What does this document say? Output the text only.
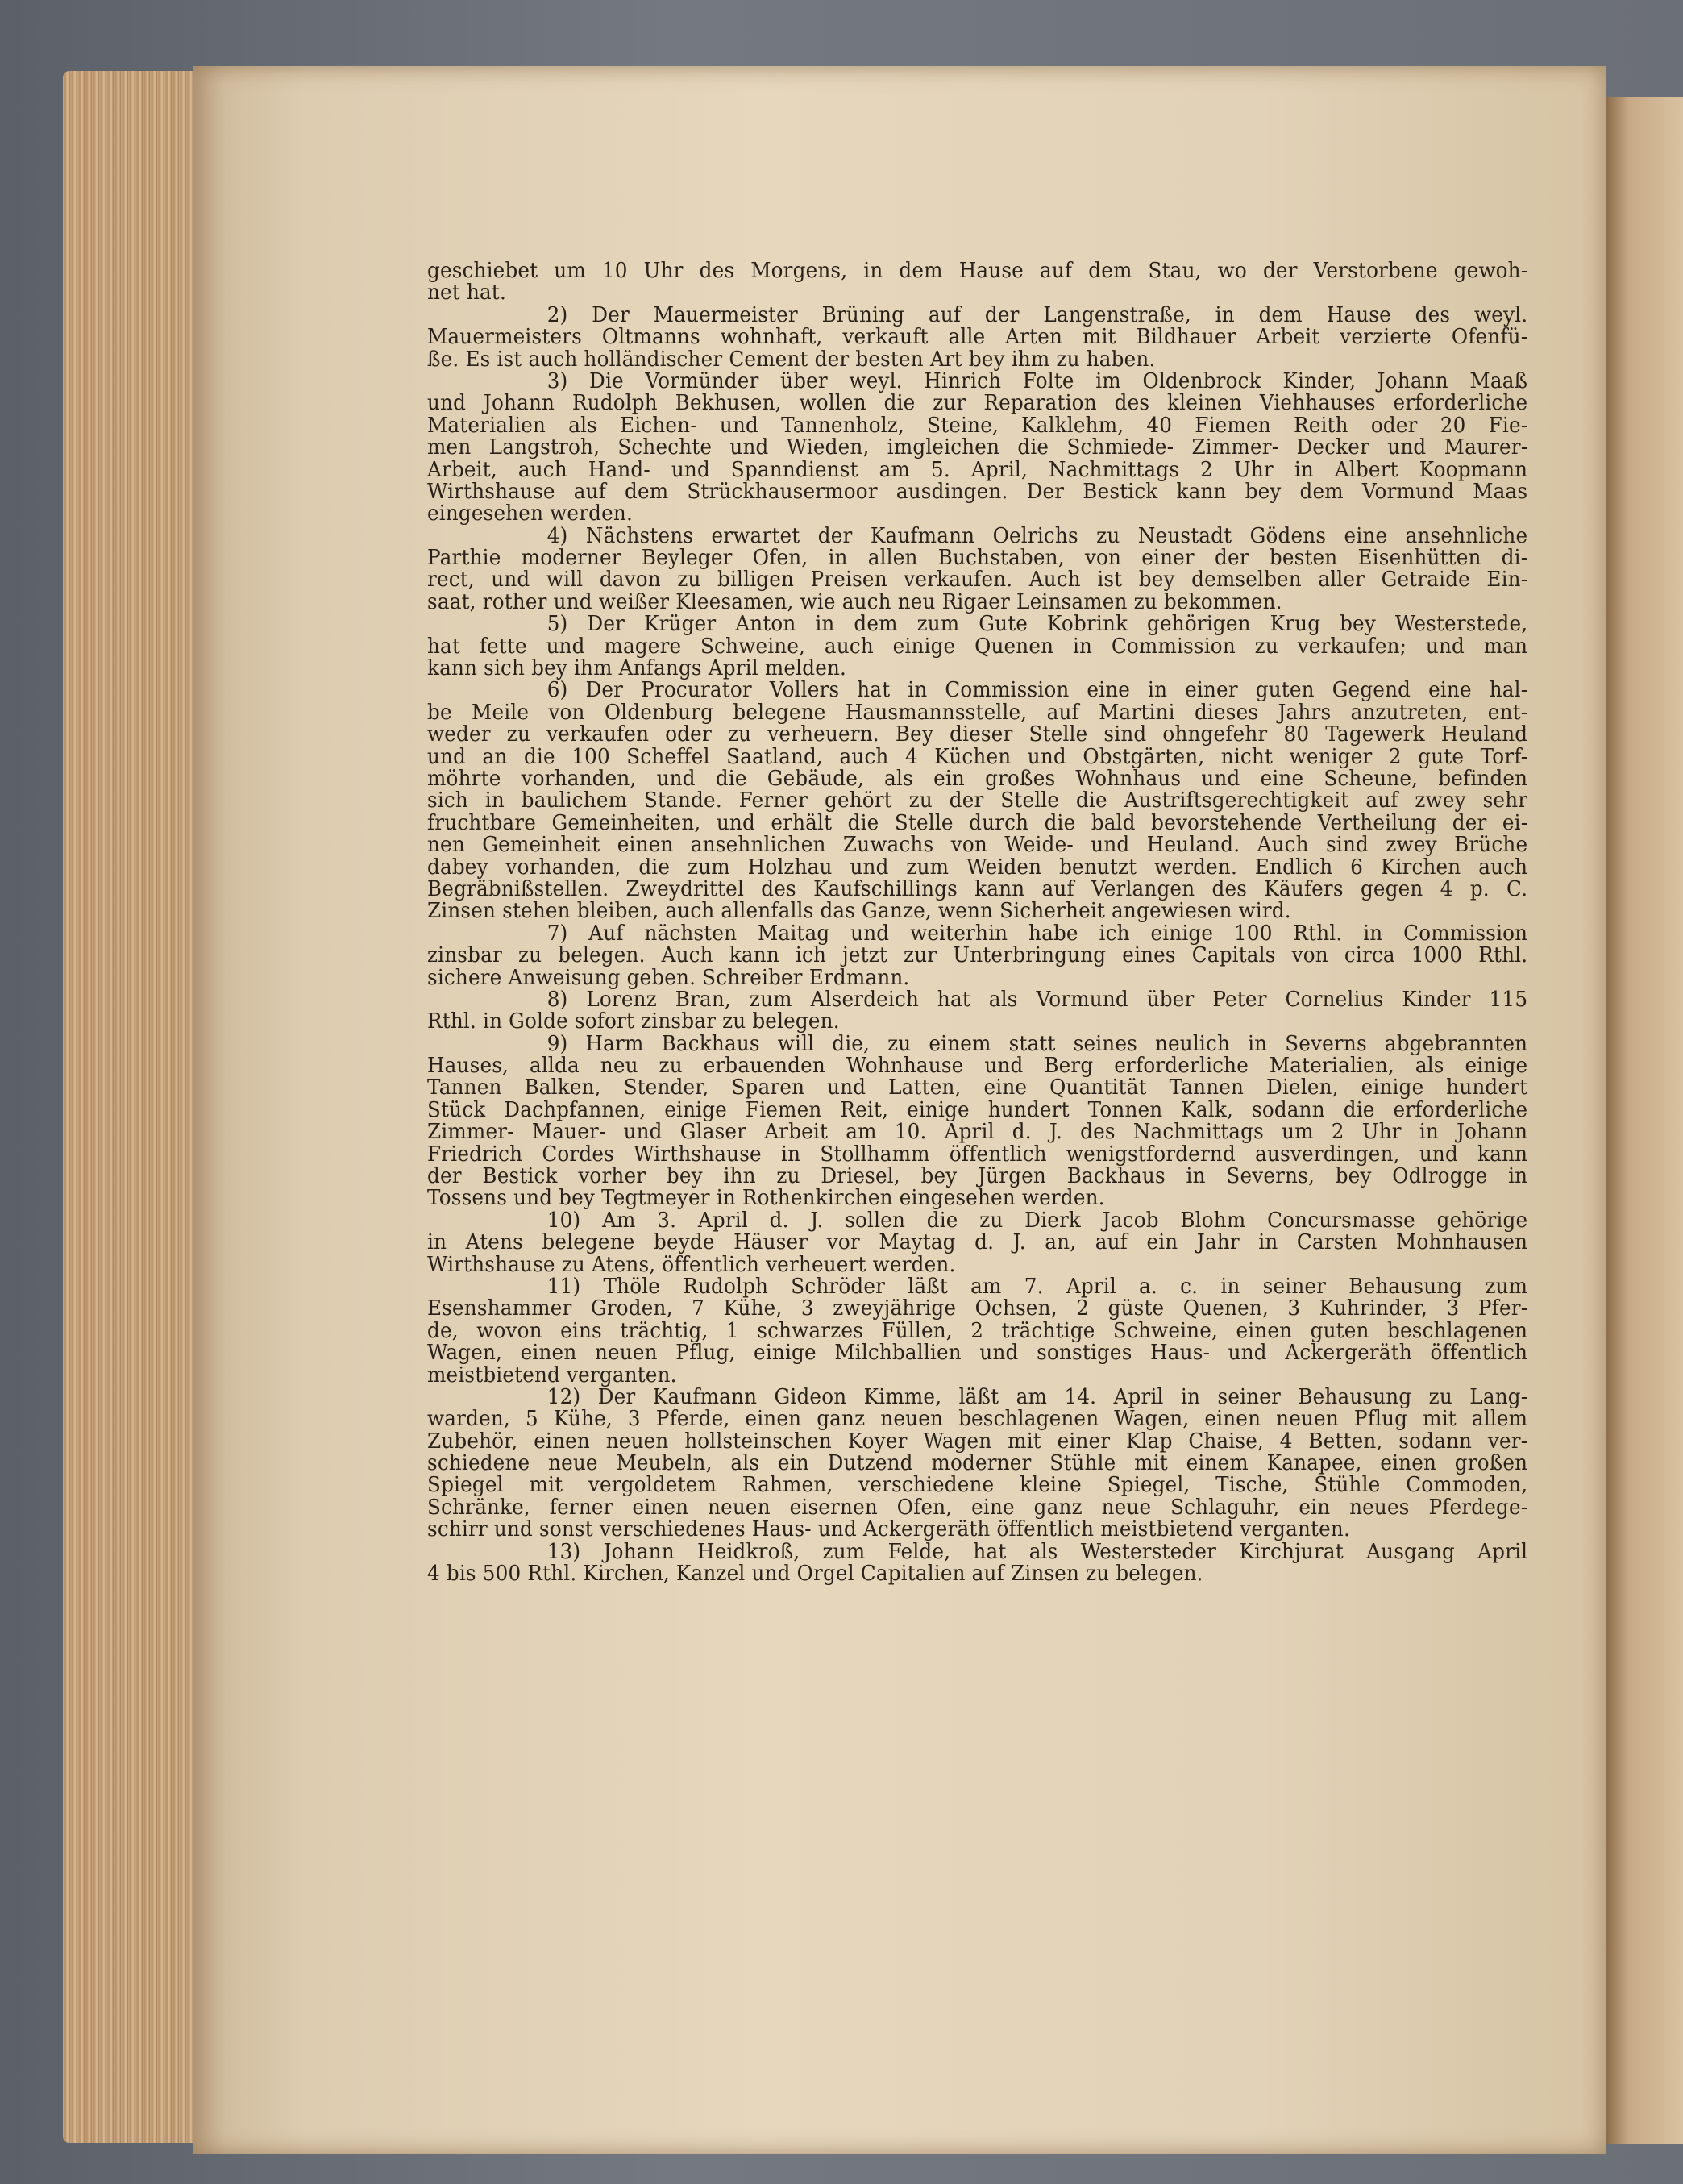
geschiebet um 10 Uhr des Morgens, in dem Hause auf dem Stau, wo der Verstorbene gewoh-
net hat.
2) Der Mauermeister Brüning auf der Langenstraße, in dem Hause des weyl.
Mauermeisters Oltmanns wohnhaft, verkauft alle Arten mit Bildhauer Arbeit verzierte Ofenfü-
ße. Es ist auch holländischer Cement der besten Art bey ihm zu haben.
3) Die Vormünder über weyl. Hinrich Folte im Oldenbrock Kinder, Johann Maaß
und Johann Rudolph Bekhusen, wollen die zur Reparation des kleinen Viehhauses erforderliche
Materialien als Eichen- und Tannenholz, Steine, Kalklehm, 40 Fiemen Reith oder 20 Fie-
men Langstroh, Schechte und Wieden, imgleichen die Schmiede- Zimmer- Decker und Maurer-
Arbeit, auch Hand- und Spanndienst am 5. April, Nachmittags 2 Uhr in Albert Koopmann
Wirthshause auf dem Strückhausermoor ausdingen. Der Bestick kann bey dem Vormund Maas
eingesehen werden.
4) Nächstens erwartet der Kaufmann Oelrichs zu Neustadt Gödens eine ansehnliche
Parthie moderner Beyleger Ofen, in allen Buchstaben, von einer der besten Eisenhütten di-
rect, und will davon zu billigen Preisen verkaufen. Auch ist bey demselben aller Getraide Ein-
saat, rother und weißer Kleesamen, wie auch neu Rigaer Leinsamen zu bekommen.
5) Der Krüger Anton in dem zum Gute Kobrink gehörigen Krug bey Westerstede,
hat fette und magere Schweine, auch einige Quenen in Commission zu verkaufen; und man
kann sich bey ihm Anfangs April melden.
6) Der Procurator Vollers hat in Commission eine in einer guten Gegend eine hal-
be Meile von Oldenburg belegene Hausmannsstelle, auf Martini dieses Jahrs anzutreten, ent-
weder zu verkaufen oder zu verheuern. Bey dieser Stelle sind ohngefehr 80 Tagewerk Heuland
und an die 100 Scheffel Saatland, auch 4 Küchen und Obstgärten, nicht weniger 2 gute Torf-
möhrte vorhanden, und die Gebäude, als ein großes Wohnhaus und eine Scheune, befinden
sich in baulichem Stande. Ferner gehört zu der Stelle die Austriftsgerechtigkeit auf zwey sehr
fruchtbare Gemeinheiten, und erhält die Stelle durch die bald bevorstehende Vertheilung der ei-
nen Gemeinheit einen ansehnlichen Zuwachs von Weide- und Heuland. Auch sind zwey Brüche
dabey vorhanden, die zum Holzhau und zum Weiden benutzt werden. Endlich 6 Kirchen auch
Begräbnißstellen. Zweydrittel des Kaufschillings kann auf Verlangen des Käufers gegen 4 p. C.
Zinsen stehen bleiben, auch allenfalls das Ganze, wenn Sicherheit angewiesen wird.
7) Auf nächsten Maitag und weiterhin habe ich einige 100 Rthl. in Commission
zinsbar zu belegen. Auch kann ich jetzt zur Unterbringung eines Capitals von circa 1000 Rthl.
sichere Anweisung geben. Schreiber Erdmann.
8) Lorenz Bran, zum Alserdeich hat als Vormund über Peter Cornelius Kinder 115
Rthl. in Golde sofort zinsbar zu belegen.
9) Harm Backhaus will die, zu einem statt seines neulich in Severns abgebrannten
Hauses, allda neu zu erbauenden Wohnhause und Berg erforderliche Materialien, als einige
Tannen Balken, Stender, Sparen und Latten, eine Quantität Tannen Dielen, einige hundert
Stück Dachpfannen, einige Fiemen Reit, einige hundert Tonnen Kalk, sodann die erforderliche
Zimmer- Mauer- und Glaser Arbeit am 10. April d. J. des Nachmittags um 2 Uhr in Johann
Friedrich Cordes Wirthshause in Stollhamm öffentlich wenigstfordernd ausverdingen, und kann
der Bestick vorher bey ihn zu Driesel, bey Jürgen Backhaus in Severns, bey Odlrogge in
Tossens und bey Tegtmeyer in Rothenkirchen eingesehen werden.
10) Am 3. April d. J. sollen die zu Dierk Jacob Blohm Concursmasse gehörige
in Atens belegene beyde Häuser vor Maytag d. J. an, auf ein Jahr in Carsten Mohnhausen
Wirthshause zu Atens, öffentlich verheuert werden.
11) Thöle Rudolph Schröder läßt am 7. April a. c. in seiner Behausung zum
Esenshammer Groden, 7 Kühe, 3 zweyjährige Ochsen, 2 güste Quenen, 3 Kuhrinder, 3 Pfer-
de, wovon eins trächtig, 1 schwarzes Füllen, 2 trächtige Schweine, einen guten beschlagenen
Wagen, einen neuen Pflug, einige Milchballien und sonstiges Haus- und Ackergeräth öffentlich
meistbietend verganten.
12) Der Kaufmann Gideon Kimme, läßt am 14. April in seiner Behausung zu Lang-
warden, 5 Kühe, 3 Pferde, einen ganz neuen beschlagenen Wagen, einen neuen Pflug mit allem
Zubehör, einen neuen hollsteinschen Koyer Wagen mit einer Klap Chaise, 4 Betten, sodann ver-
schiedene neue Meubeln, als ein Dutzend moderner Stühle mit einem Kanapee, einen großen
Spiegel mit vergoldetem Rahmen, verschiedene kleine Spiegel, Tische, Stühle Commoden,
Schränke, ferner einen neuen eisernen Ofen, eine ganz neue Schlaguhr, ein neues Pferdege-
schirr und sonst verschiedenes Haus- und Ackergeräth öffentlich meistbietend verganten.
13) Johann Heidkroß, zum Felde, hat als Westersteder Kirchjurat Ausgang April
4 bis 500 Rthl. Kirchen, Kanzel und Orgel Capitalien auf Zinsen zu belegen.
